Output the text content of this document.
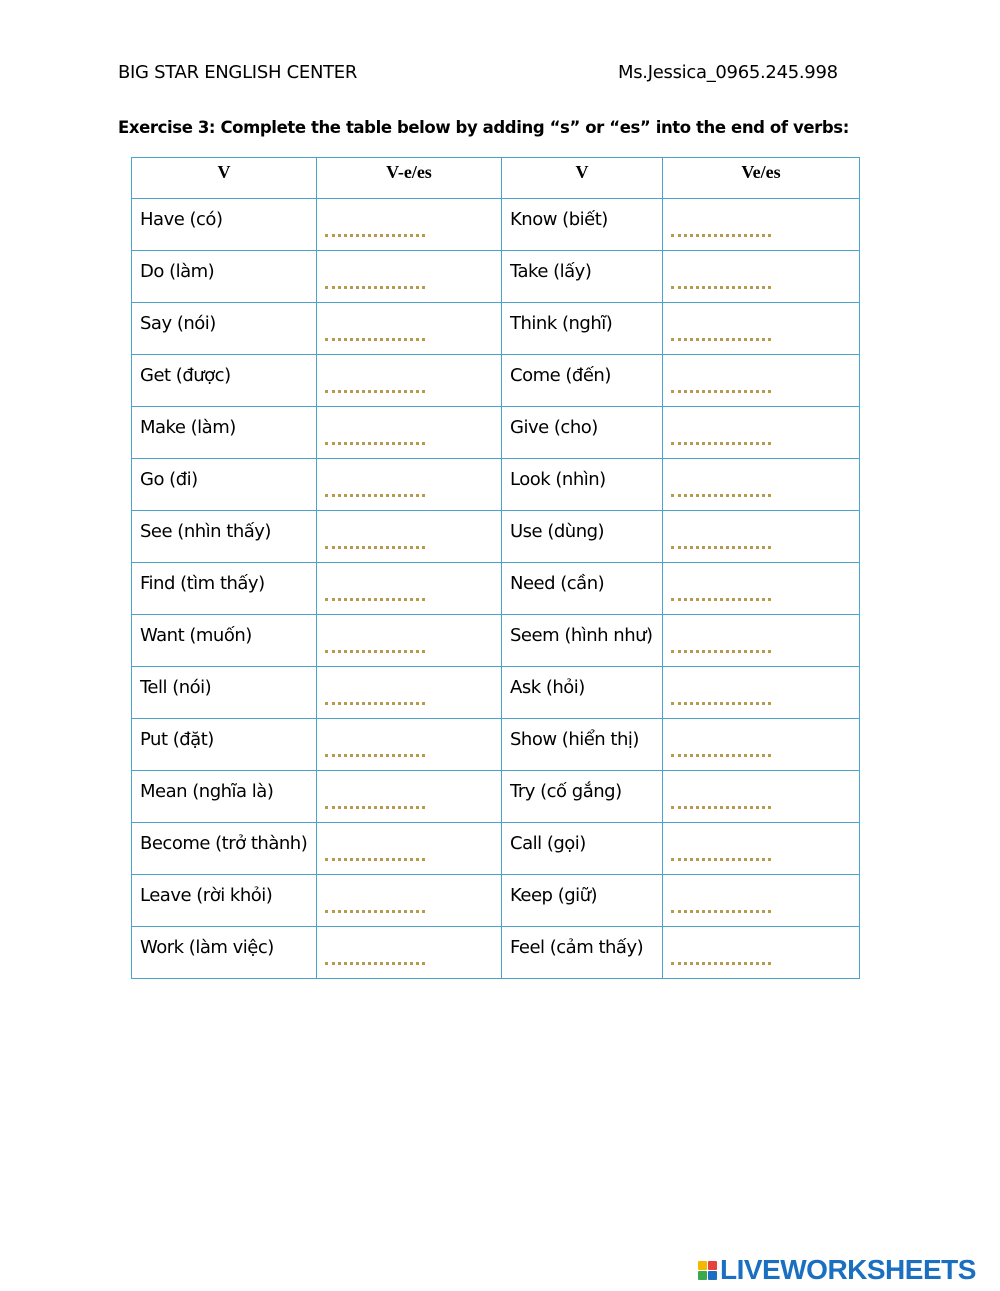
BIG STAR ENGLISH CENTER	Ms.Jessica_0965.245.998
Exercise 3: Complete the table below by adding “s” or “es” into the end of verbs:
V	V-e/es	V	Ve/es

Have (có)		Know (biết)	

Do (làm)		Take (lấy)	

Say (nói)		Think (nghĩ)	

Get (được)		Come (đến)	

Make (làm)		Give (cho)	

Go (đi)		Look (nhìn)	

See (nhìn thấy)		Use (dùng)	

Find (tìm thấy)		Need (cần)	

Want (muốn)		Seem (hình như)	

Tell (nói)		Ask (hỏi)	

Put (đặt)		Show (hiển thị)	

Mean (nghĩa là)		Try (cố gắng)	

Become (trở thành)		Call (gọi)	

Leave (rời khỏi)		Keep (giữ)	

Work (làm việc)		Feel (cảm thấy)	

LIVEWORKSHEETS
